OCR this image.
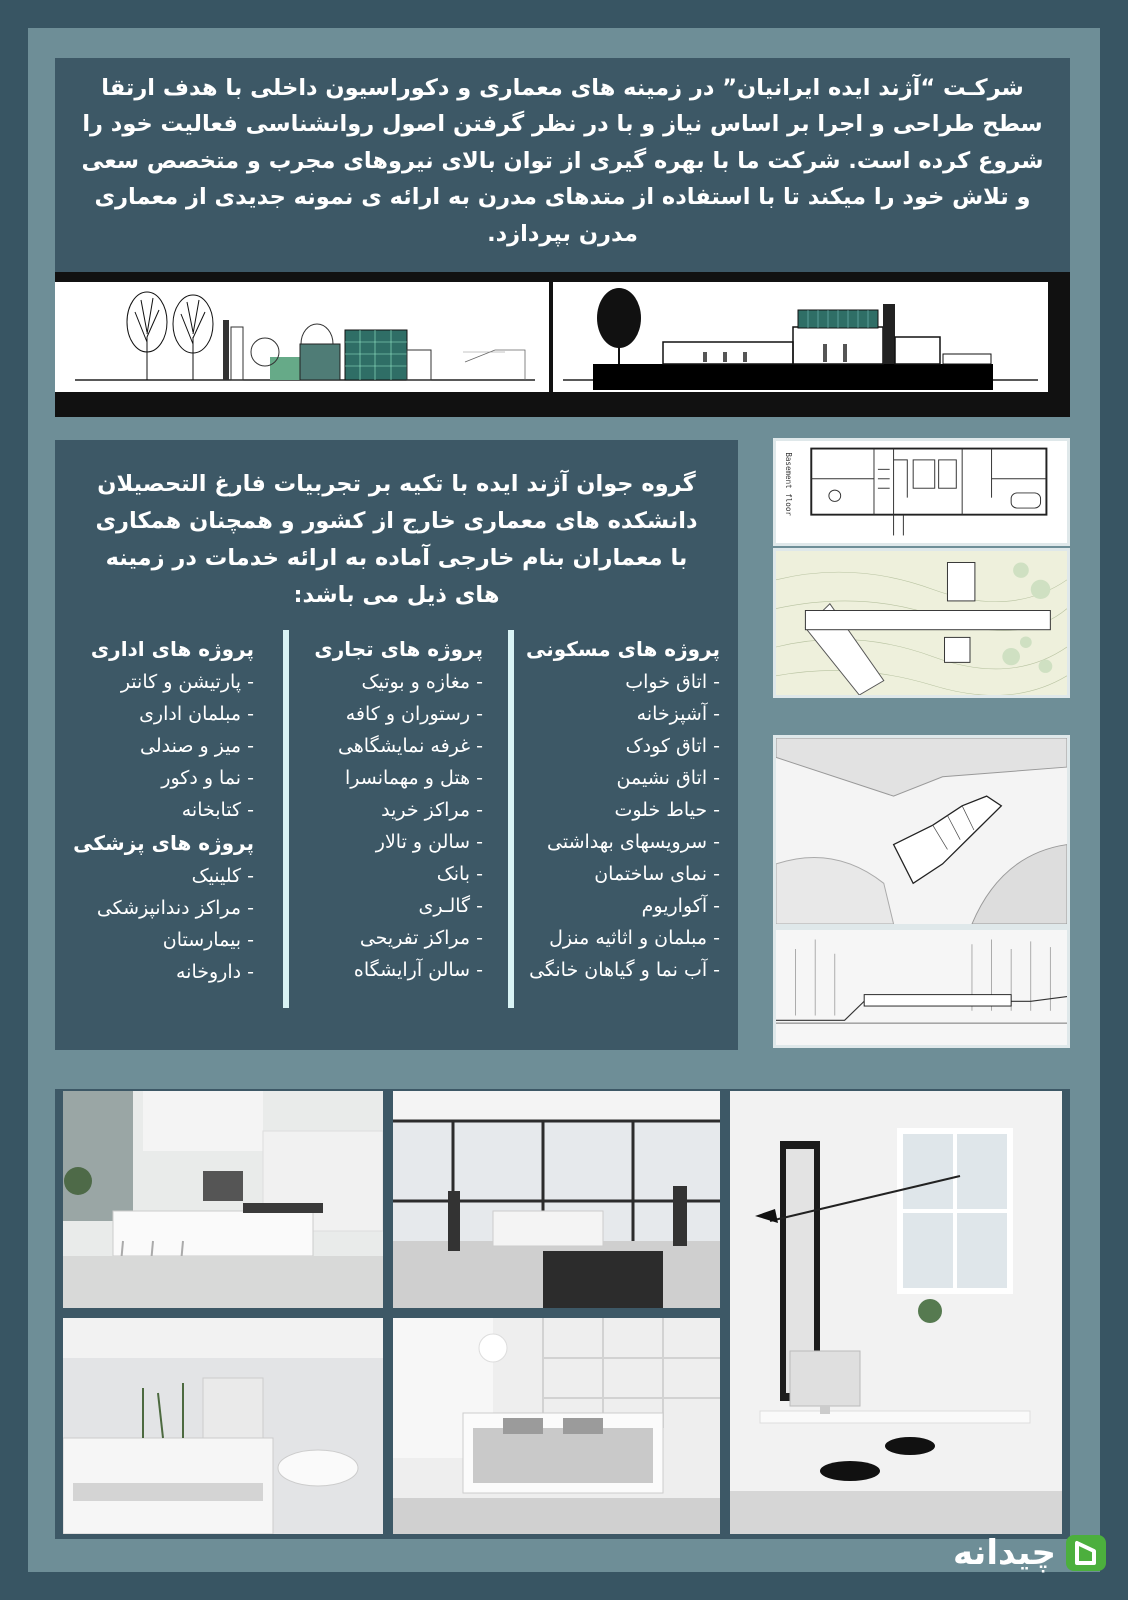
شرکـت “آژند ایده ایرانیان” در زمینه های معماری و دکوراسیون داخلی با هدف ارتقا سطح طراحی و اجرا بر اساس نیاز و با در نظر گرفتن اصول روانشناسی فعالیت خود را شروع کرده است. شرکت ما با بهره گیری از توان بالای نیروهای مجرب و متخصص سعی و تلاش خود را میکند تا با استفاده از متدهای مدرن به ارائه ی نمونه جدیدی از معماری مدرن بپردازد.
گروه جوان آژند ایده با تکیه بر تجربیات فارغ التحصیلان دانشکده های معماری خارج از کشور و همچنان همکاری با معماران بنام خارجی آماده به ارائه خدمات در زمینه های ذیل می باشد:
پروژه های مسکونی
- اتاق خواب
- آشپزخانه
- اتاق کودک
- اتاق نشیمن
- حیاط خلوت
- سرویسهای بهداشتی
- نمای ساختمان
- آکواریوم
- مبلمان و اثاثیه منزل
- آب نما و گیاهان خانگی
پروژه های تجاری
- مغازه و بوتیک
- رستوران و کافه
- غرفه نمایشگاهی
- هتل و مهمانسرا
- مراکز خرید
- سالن و تالار
- بانک
- گالـری
- مراکز تفریحی
- سالن آرایشگاه
پروژه های اداری
- پارتیشن و کانتر
- مبلمان اداری
- میز و صندلی
- نما و دکور
- کتابخانه
پروژه های پزشکی
- کلینیک
- مراکز دندانپزشکی
- بیمارستان
- داروخانه
Basement floor
چیدانه
